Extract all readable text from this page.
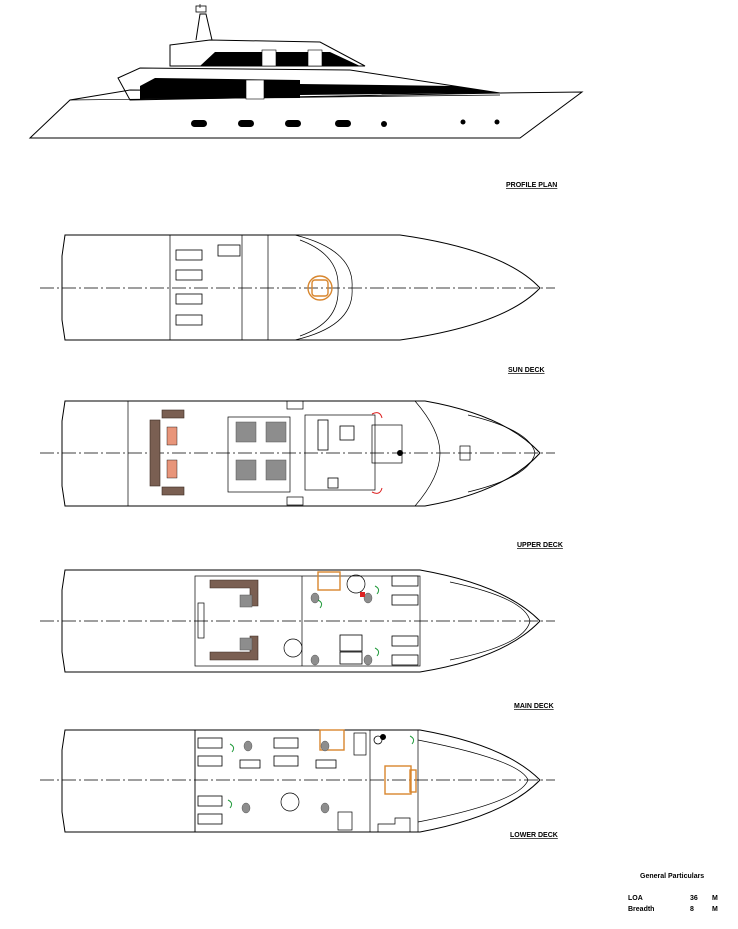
PROFILE PLAN
SUN DECK
UPPER DECK
MAIN DECK
LOWER DECK
General Particulars
LOA	36 M
Breadth	8	M
